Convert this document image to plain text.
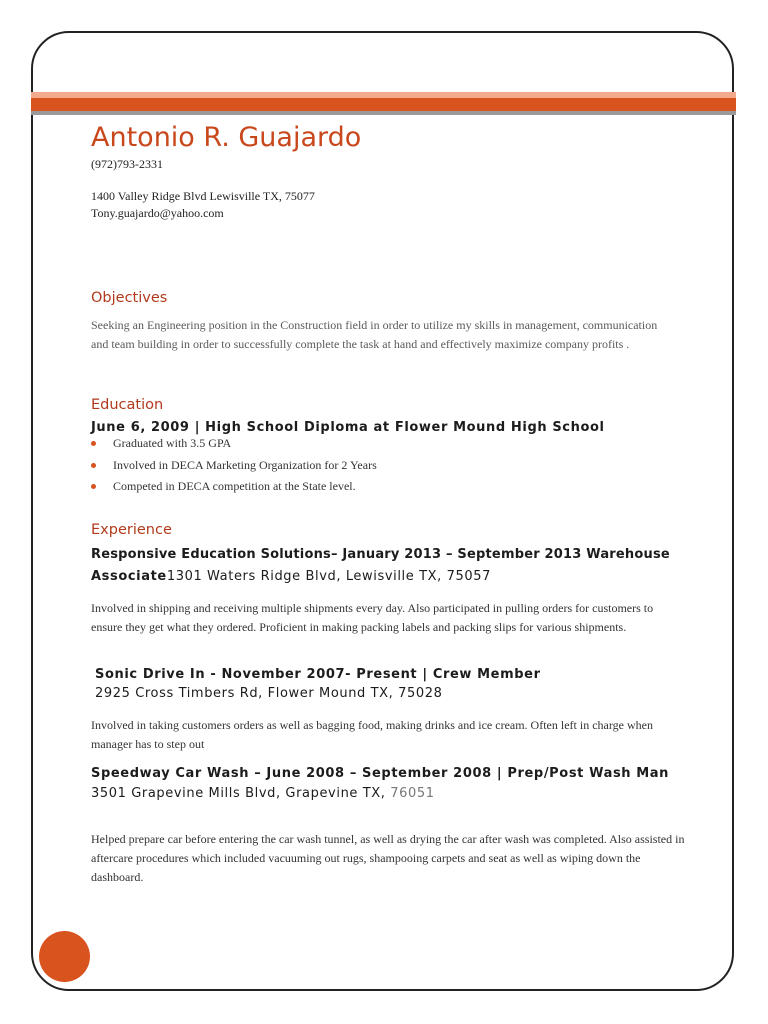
Antonio R. Guajardo
(972)793-2331
1400 Valley Ridge Blvd Lewisville TX, 75077
Tony.guajardo@yahoo.com
Objectives
Seeking an Engineering position in the Construction field in order to utilize my skills in management, communication and team building in order to successfully complete the task at hand and effectively maximize company profits .
Education
June 6, 2009 | High School Diploma at Flower Mound High School
Graduated with 3.5 GPA
Involved in DECA Marketing Organization for 2 Years
Competed in DECA competition at the State level.
Experience
Responsive Education Solutions– January 2013 – September 2013 Warehouse
Associate1301 Waters Ridge Blvd, Lewisville TX, 75057
Involved in shipping and receiving multiple shipments every day. Also participated in pulling orders for customers to ensure they get what they ordered. Proficient in making packing labels and packing slips for various shipments.
Sonic Drive In - November 2007- Present | Crew Member
2925 Cross Timbers Rd, Flower Mound TX, 75028
Involved in taking customers orders as well as bagging food, making drinks and ice cream. Often left in charge when manager has to step out
Speedway Car Wash – June 2008 – September 2008 | Prep/Post Wash Man
3501 Grapevine Mills Blvd, Grapevine TX, 76051
Helped prepare car before entering the car wash tunnel, as well as drying the car after wash was completed. Also assisted in aftercare procedures which included vacuuming out rugs, shampooing carpets and seat as well as wiping down the dashboard.
